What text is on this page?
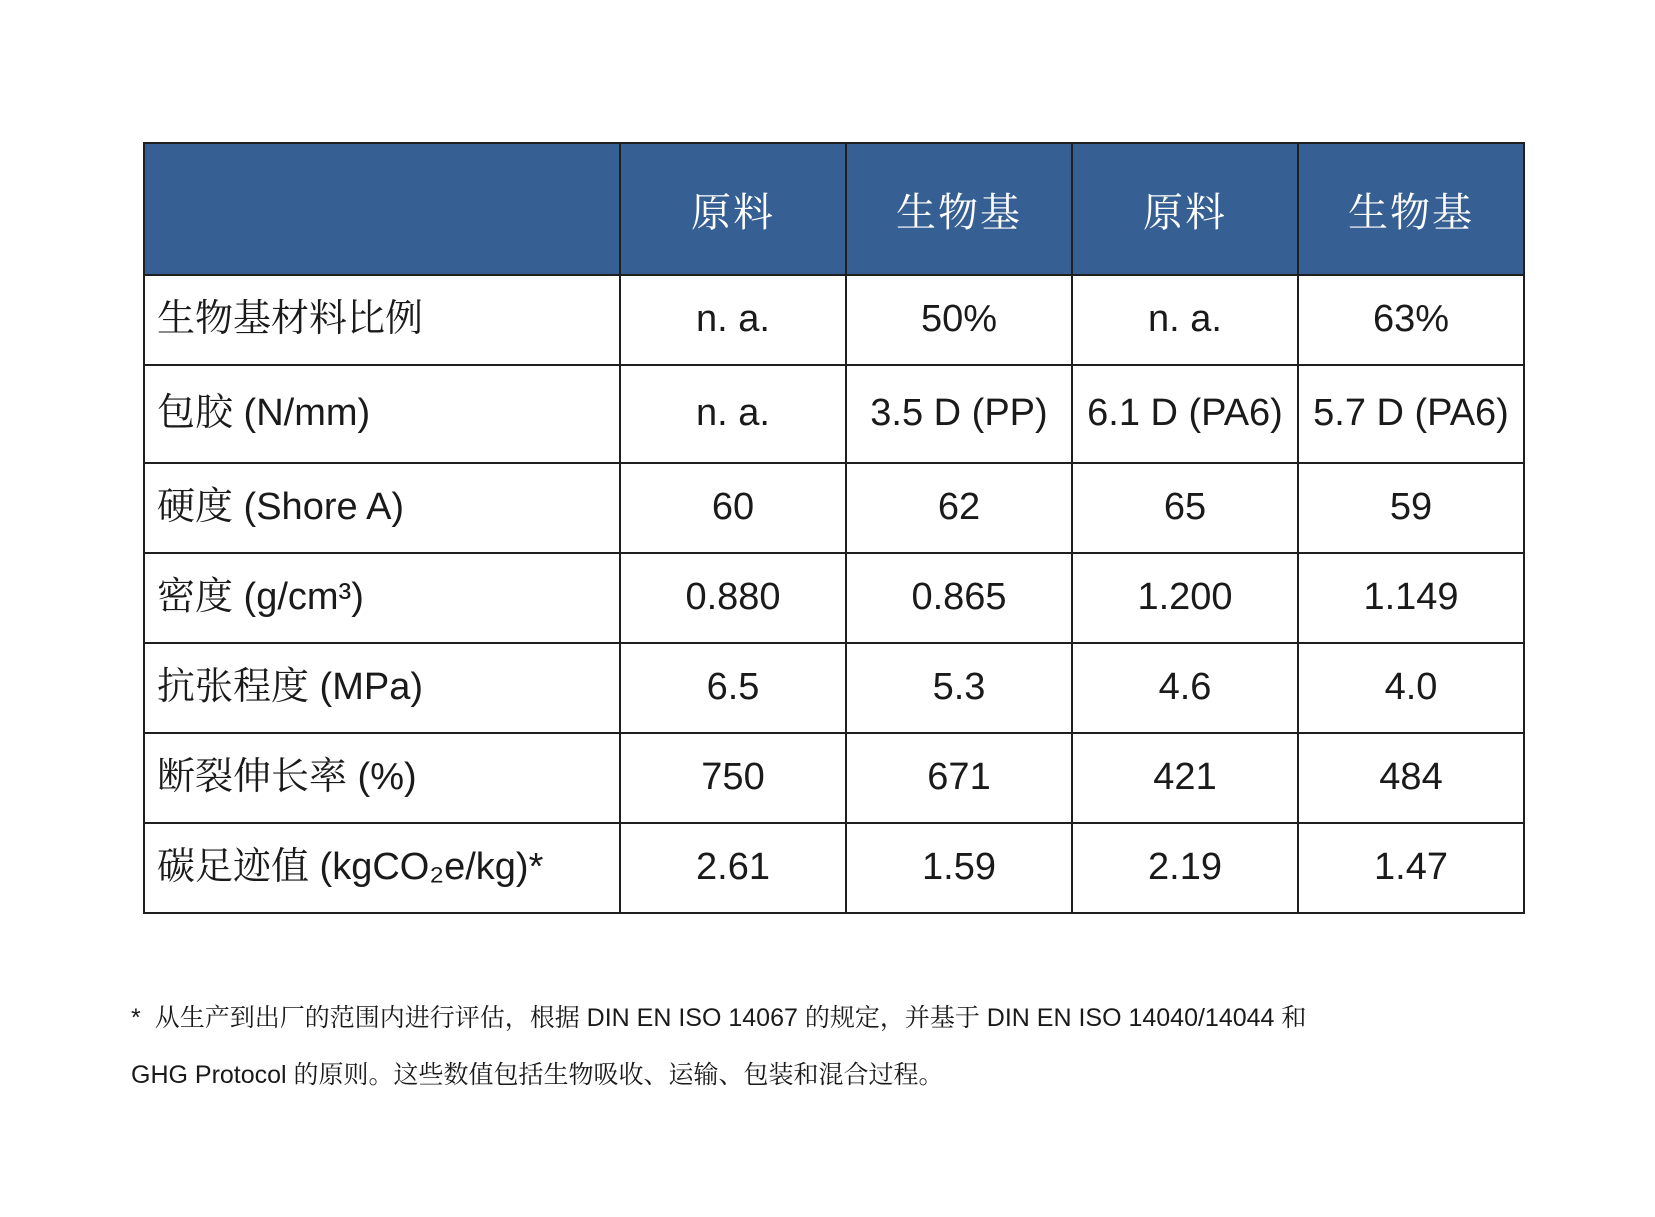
	原料	生物基	原料	生物基
生物基材料比例	n. a.	50%	n. a.	63%
包胶 (N/mm)	n. a.	3.5 D (PP)	6.1 D (PA6)	5.7 D (PA6)
硬度 (Shore A)	60	62	65	59
密度 (g/cm³)	0.880	0.865	1.200	1.149
抗张程度 (MPa)	6.5	5.3	4.6	4.0
断裂伸长率 (%)	750	671	421	484
碳足迹值 (kgCO₂e/kg)*	2.61	1.59	2.19	1.47
* 从生产到出厂的范围内进行评估，根据 DIN EN ISO 14067 的规定，并基于 DIN EN ISO 14040/14044 和
GHG Protocol 的原则。这些数值包括生物吸收、运输、包装和混合过程。
